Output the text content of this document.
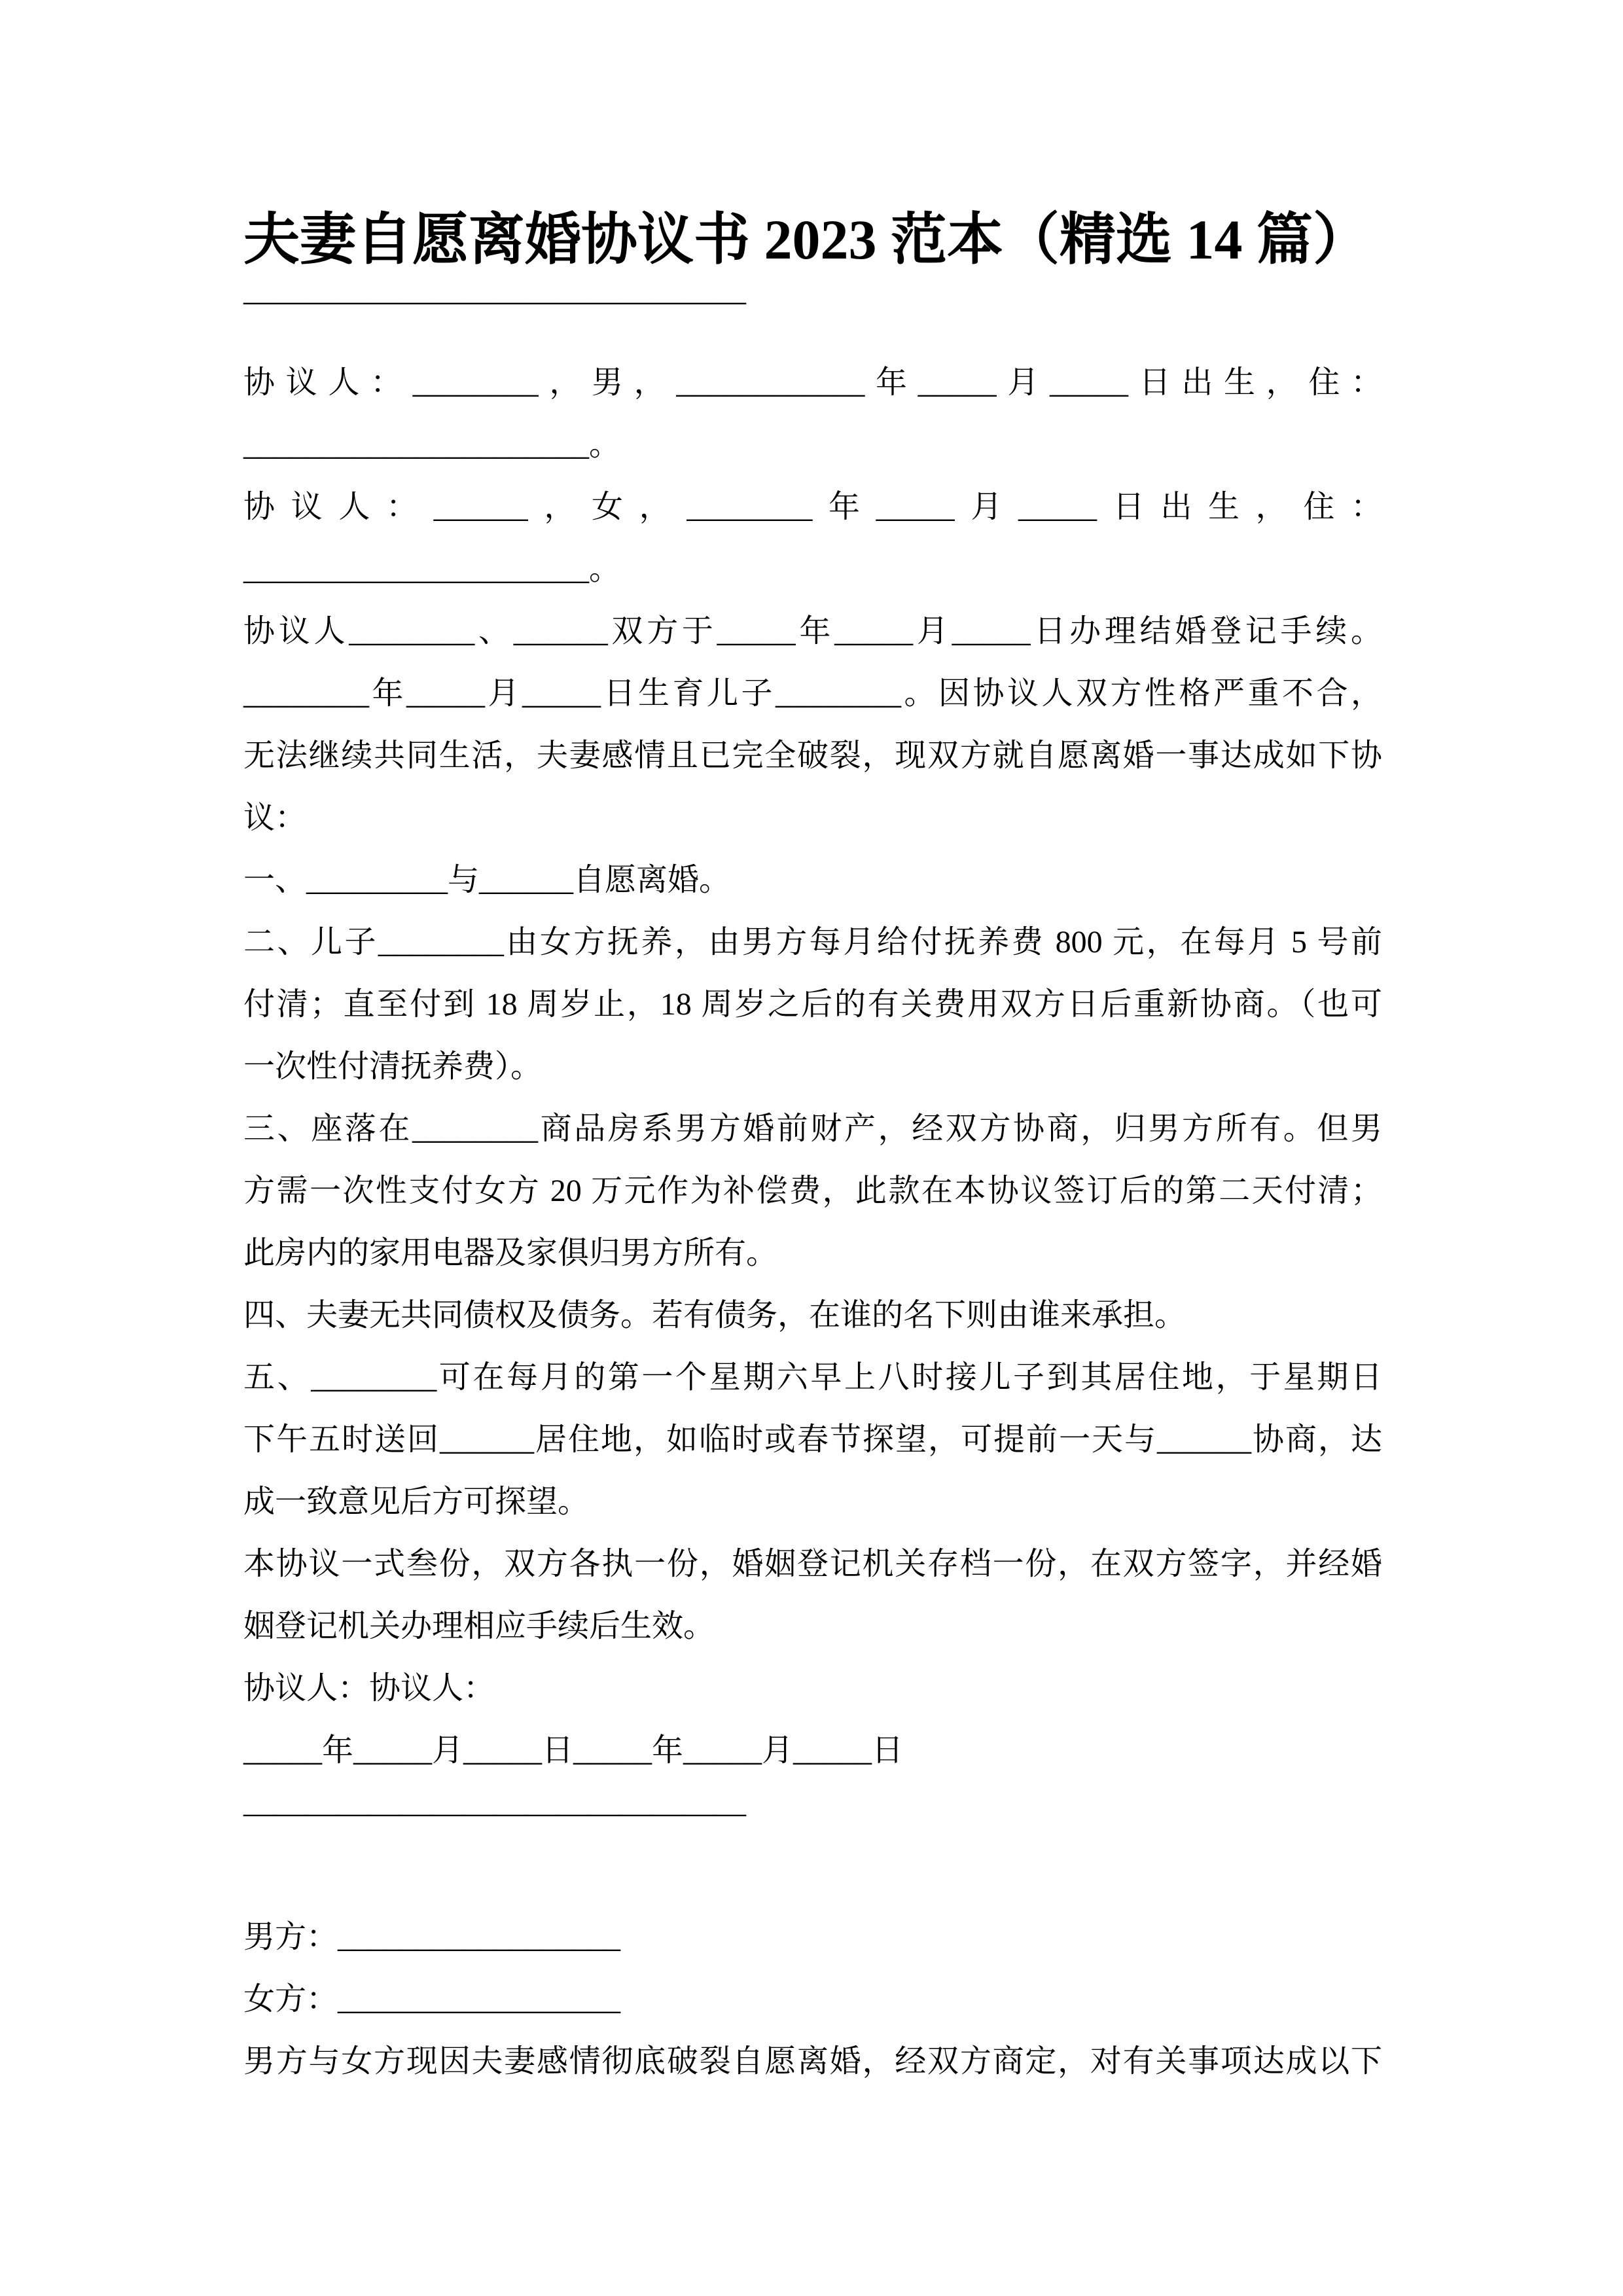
夫妻自愿离婚协议书 2023 范本（精选 14 篇）
————————————————
协议人：________，男，____________年_____月_____日出生，住：
______________________。
协议人：______，女，________年_____月_____日出生，住：
______________________。
协议人________、______双方于_____年_____月_____日办理结婚登记手续。
________年_____月_____日生育儿子________。因协议人双方性格严重不合，
无法继续共同生活，夫妻感情且已完全破裂，现双方就自愿离婚一事达成如下协
议：
一、_________与______自愿离婚。
二、儿子________由女方抚养，由男方每月给付抚养费 800 元，在每月 5 号前
付清；直至付到 18 周岁止，18 周岁之后的有关费用双方日后重新协商。（也可
一次性付清抚养费）。
三、座落在________商品房系男方婚前财产，经双方协商，归男方所有。但男
方需一次性支付女方 20 万元作为补偿费，此款在本协议签订后的第二天付清；
此房内的家用电器及家俱归男方所有。
四、夫妻无共同债权及债务。若有债务，在谁的名下则由谁来承担。
五、________可在每月的第一个星期六早上八时接儿子到其居住地，于星期日
下午五时送回______居住地，如临时或春节探望，可提前一天与______协商，达
成一致意见后方可探望。
本协议一式叁份，双方各执一份，婚姻登记机关存档一份，在双方签字，并经婚
姻登记机关办理相应手续后生效。
协议人：协议人：
_____年_____月_____日_____年_____月_____日
————————————————
男方：__________________
女方：__________________
男方与女方现因夫妻感情彻底破裂自愿离婚，经双方商定，对有关事项达成以下
